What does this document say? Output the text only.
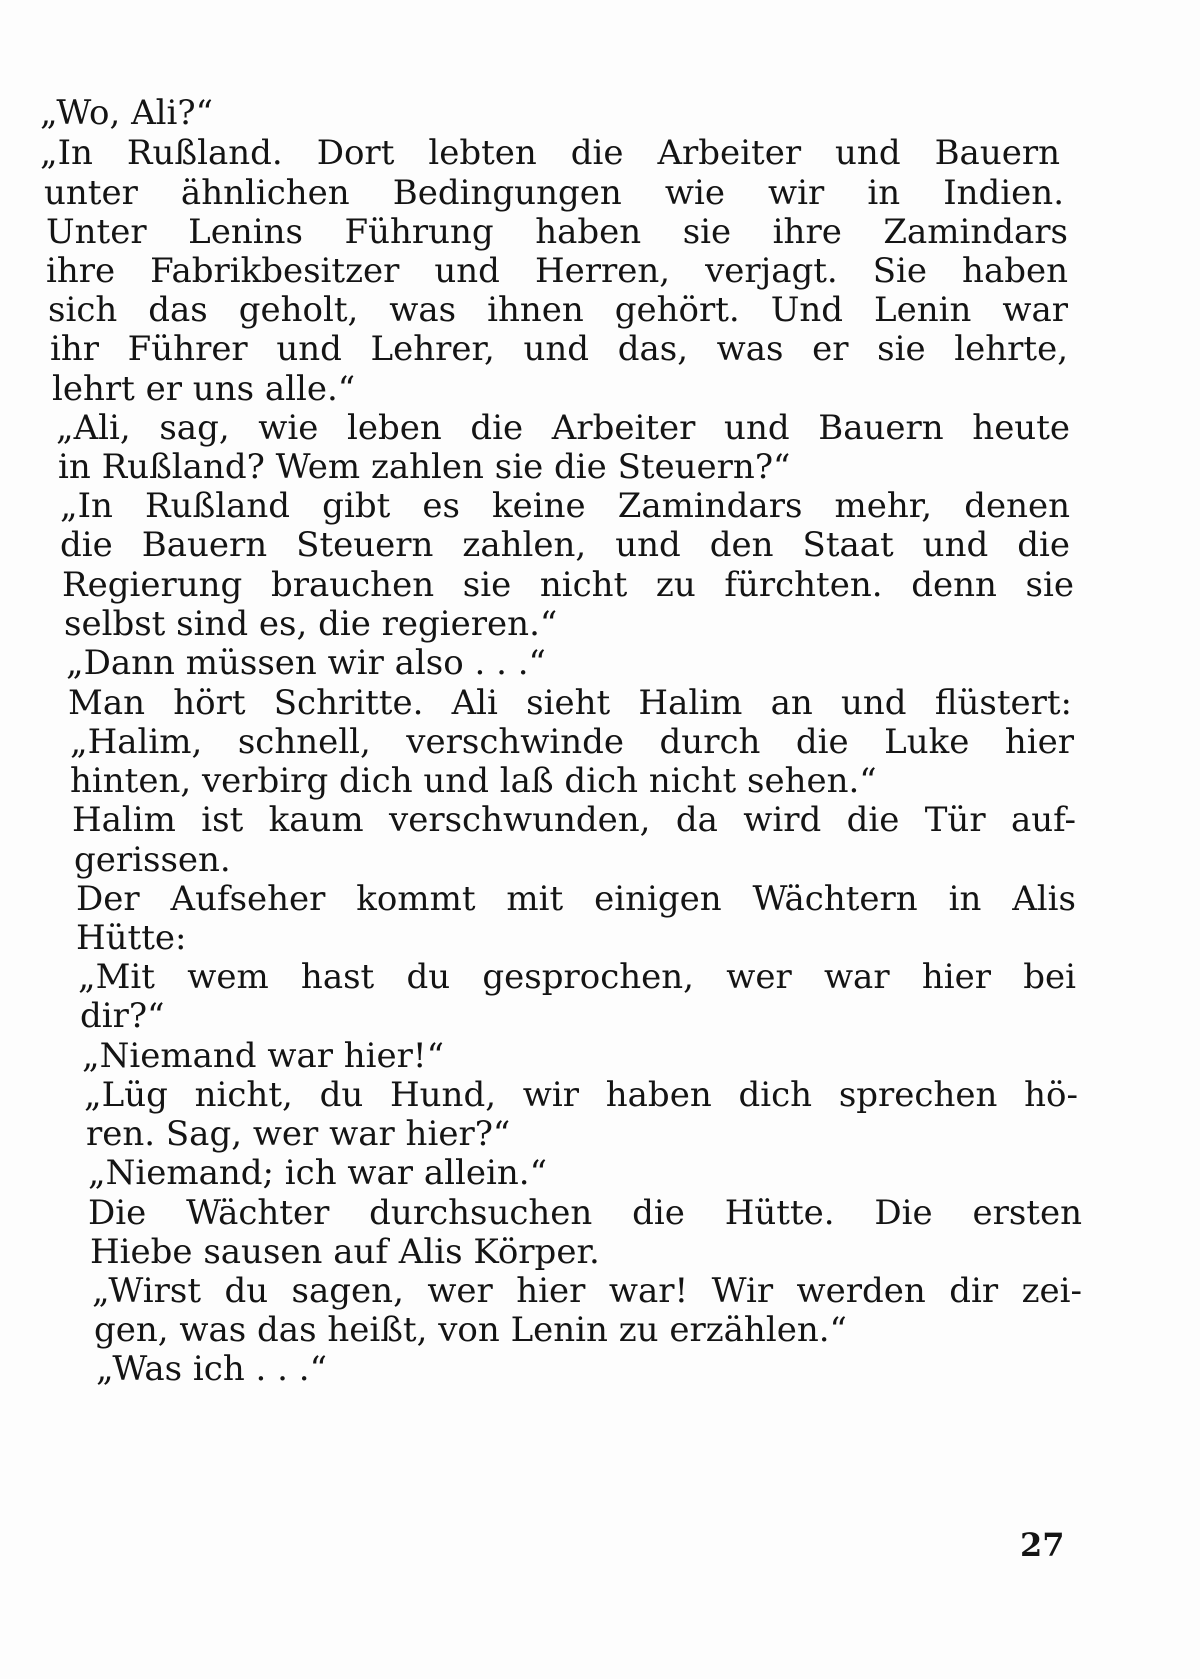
„Wo, Ali?“
„In Rußland. Dort lebten die Arbeiter und Bauern
unter ähnlichen Bedingungen wie wir in Indien.
Unter Lenins Führung haben sie ihre Zamindars
ihre Fabrikbesitzer und Herren, verjagt. Sie haben
sich das geholt, was ihnen gehört. Und Lenin war
ihr Führer und Lehrer, und das, was er sie lehrte,
lehrt er uns alle.“
„Ali, sag, wie leben die Arbeiter und Bauern heute
in Rußland? Wem zahlen sie die Steuern?“
„In Rußland gibt es keine Zamindars mehr, denen
die Bauern Steuern zahlen, und den Staat und die
Regierung brauchen sie nicht zu fürchten. denn sie
selbst sind es, die regieren.“
„Dann müssen wir also . . .“
Man hört Schritte. Ali sieht Halim an und flüstert:
„Halim, schnell, verschwinde durch die Luke hier
hinten, verbirg dich und laß dich nicht sehen.“
Halim ist kaum verschwunden, da wird die Tür auf-
gerissen.
Der Aufseher kommt mit einigen Wächtern in Alis
Hütte:
„Mit wem hast du gesprochen, wer war hier bei
dir?“
„Niemand war hier!“
„Lüg nicht, du Hund, wir haben dich sprechen hö-
ren. Sag, wer war hier?“
„Niemand; ich war allein.“
Die Wächter durchsuchen die Hütte. Die ersten
Hiebe sausen auf Alis Körper.
„Wirst du sagen, wer hier war! Wir werden dir zei-
gen, was das heißt, von Lenin zu erzählen.“
„Was ich . . .“
27
